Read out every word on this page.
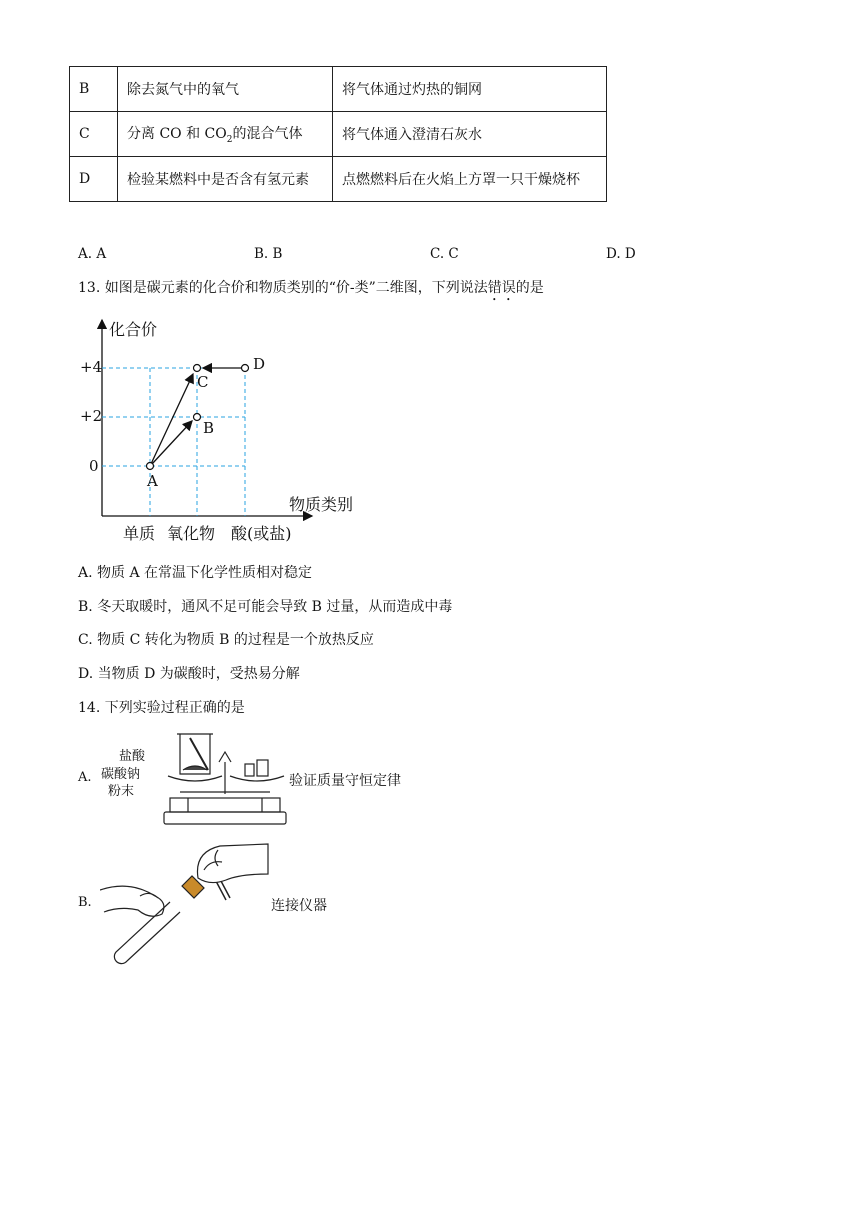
B	除去氮气中的氧气	将气体通过灼热的铜网
C	分离 CO 和 $CO_2$的混合气体	将气体通入澄清石灰水
D	检验某燃料中是否含有氢元素	点燃燃料后在火焰上方罩一只干燥烧杯
A. A	B. B	C. C	D. D
13. 如图是碳元素的化合价和物质类别的“价-类”二维图，下列说法错误的是
化合价
+4
+2
0
物质类别
单质 氧化物 酸(或盐)
A
B
C
D
A. 物质 A 在常温下化学性质相对稳定
B. 冬天取暖时，通风不足可能会导致 B 过量，从而造成中毒
C. 物质 C 转化为物质 B 的过程是一个放热反应
D. 当物质 D 为碳酸时，受热易分解
14. 下列实验过程正确的是
A.
盐酸
碳酸钠
粉末
验证质量守恒定律
B.	连接仪器
